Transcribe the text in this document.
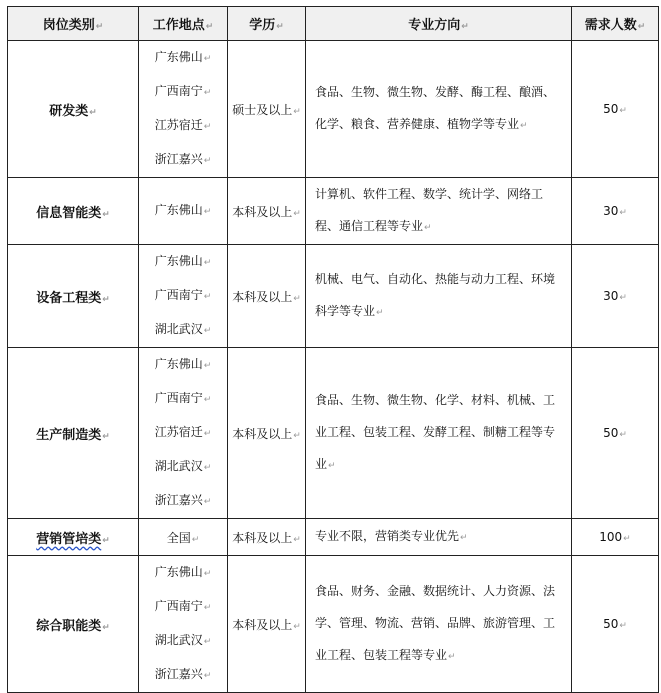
岗位类别↵	工作地点↵	学历↵	专业方向↵	需求人数↵
研发类↵	广东佛山↵
广西南宁↵
江苏宿迁↵
浙江嘉兴↵	硕士及以上↵	食品、生物、微生物、发酵、酶工程、酿酒、化学、粮食、营养健康、植物学等专业↵	50↵
信息智能类↵	广东佛山↵	本科及以上↵	计算机、软件工程、数学、统计学、网络工程、通信工程等专业↵	30↵
设备工程类↵	广东佛山↵
广西南宁↵
湖北武汉↵	本科及以上↵	机械、电气、自动化、热能与动力工程、环境科学等专业↵	30↵
生产制造类↵	广东佛山↵
广西南宁↵
江苏宿迁↵
湖北武汉↵
浙江嘉兴↵	本科及以上↵	食品、生物、微生物、化学、材料、机械、工业工程、包装工程、发酵工程、制糖工程等专业↵	50↵
营销管培类↵	全国↵	本科及以上↵	专业不限，营销类专业优先↵	100↵
综合职能类↵	广东佛山↵
广西南宁↵
湖北武汉↵
浙江嘉兴↵	本科及以上↵	食品、财务、金融、数据统计、人力资源、法学、管理、物流、营销、品牌、旅游管理、工业工程、包装工程等专业↵	50↵
